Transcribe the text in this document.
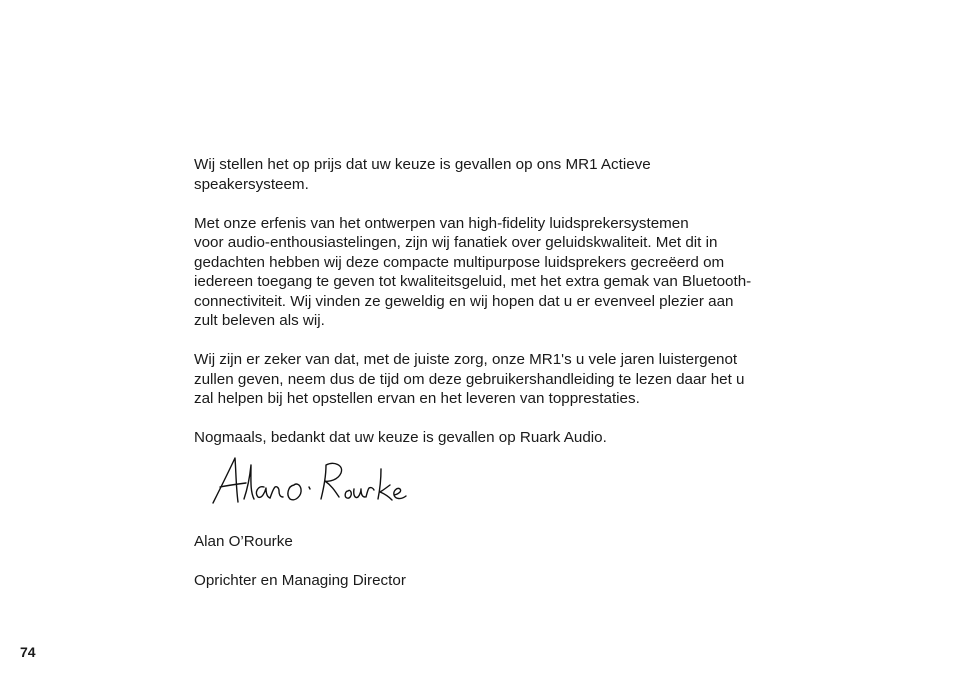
Wij stellen het op prijs dat uw keuze is gevallen op ons MR1 Actieve
speakersysteem.

Met onze erfenis van het ontwerpen van high-fidelity luidsprekersystemen
voor audio-enthousiastelingen, zijn wij fanatiek over geluidskwaliteit. Met dit in
gedachten hebben wij deze compacte multipurpose luidsprekers gecreëerd om
iedereen toegang te geven tot kwaliteitsgeluid, met het extra gemak van Bluetooth-
connectiviteit. Wij vinden ze geweldig en wij hopen dat u er evenveel plezier aan
zult beleven als wij.

Wij zijn er zeker van dat, met de juiste zorg, onze MR1's u vele jaren luistergenot
zullen geven, neem dus de tijd om deze gebruikershandleiding te lezen daar het u
zal helpen bij het opstellen ervan en het leveren van topprestaties.

Nogmaals, bedankt dat uw keuze is gevallen op Ruark Audio.

Alan O’Rourke

Oprichter en Managing Director

74
